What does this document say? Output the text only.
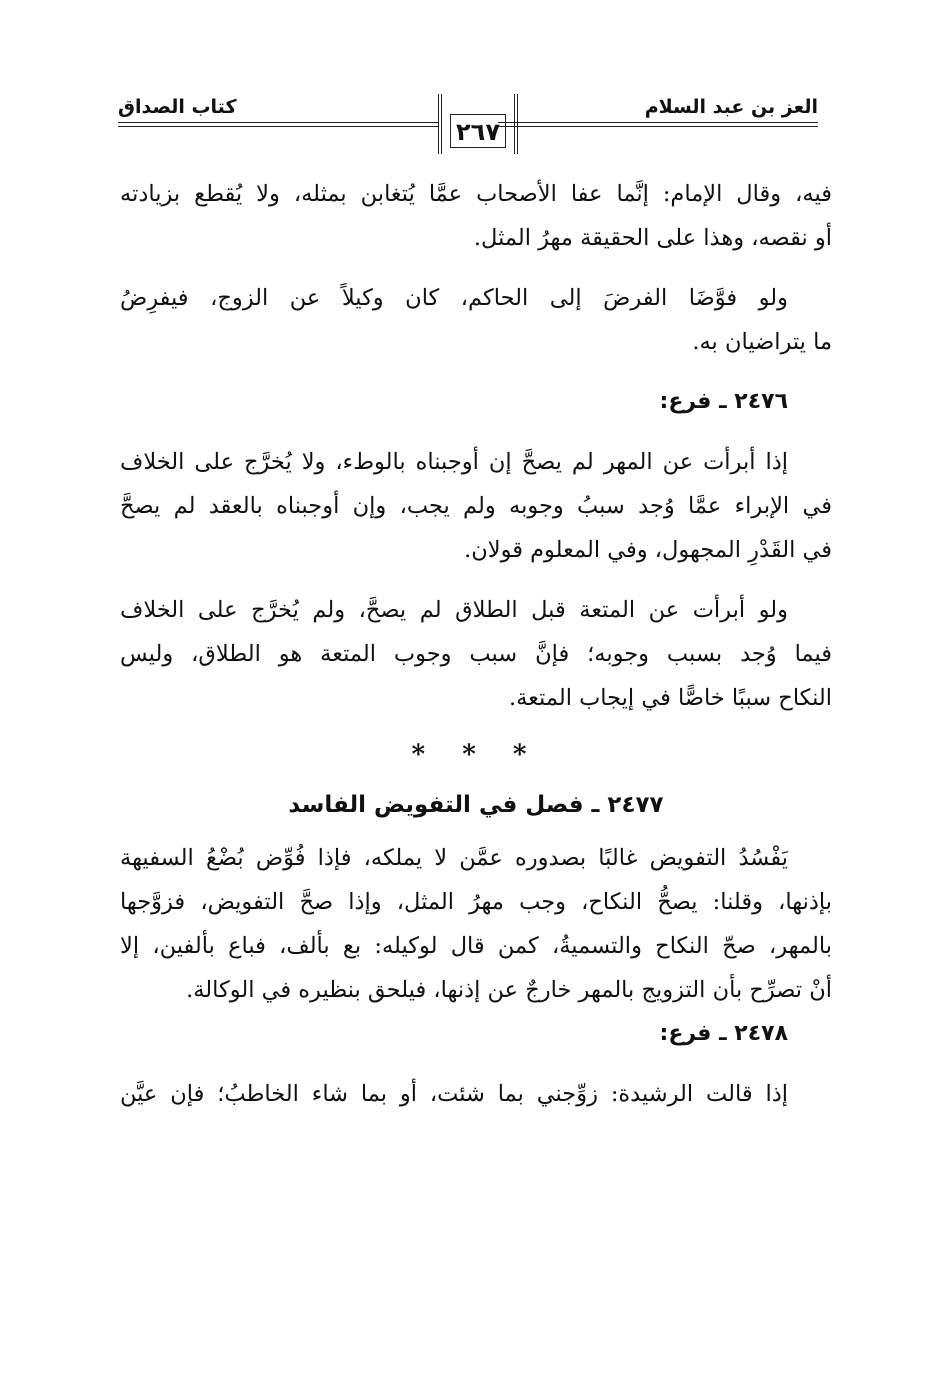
العز بن عبد السلام
٢٦٧
كتاب الصداق
فيه، وقال الإمام: إنَّما عفا الأصحاب عمَّا يُتغابن بمثله، ولا يُقطع بزيادته
أو نقصه، وهذا على الحقيقة مهرُ المثل.
ولو فوَّضَا الفرضَ إلى الحاكم، كان وكيلاً عن الزوج، فيفرِضُ
ما يتراضيان به.
٢٤٧٦ ـ فرع:
إذا أبرأت عن المهر لم يصحَّ إن أوجبناه بالوطء، ولا يُخرَّج على الخلاف
في الإبراء عمَّا وُجد سببُ وجوبه ولم يجب، وإن أوجبناه بالعقد لم يصحَّ
في القَدْرِ المجهول، وفي المعلوم قولان.
ولو أبرأت عن المتعة قبل الطلاق لم يصحَّ، ولم يُخرَّج على الخلاف
فيما وُجد بسبب وجوبه؛ فإنَّ سبب وجوب المتعة هو الطلاق، وليس
النكاح سببًا خاصًّا في إيجاب المتعة.
* * *
٢٤٧٧ ـ فصل في التفويض الفاسد
يَفْسُدُ التفويض غالبًا بصدوره عمَّن لا يملكه، فإذا فُوِّض بُضْعُ السفيهة
بإذنها، وقلنا: يصحُّ النكاح، وجب مهرُ المثل، وإذا صحَّ التفويض، فزوَّجها
بالمهر، صحّ النكاح والتسميةُ، كمن قال لوكيله: بع بألف، فباع بألفين، إلا
أنْ تصرِّح بأن التزويج بالمهر خارجٌ عن إذنها، فيلحق بنظيره في الوكالة.
٢٤٧٨ ـ فرع:
إذا قالت الرشيدة: زوِّجني بما شئت، أو بما شاء الخاطبُ؛ فإن عيَّن
